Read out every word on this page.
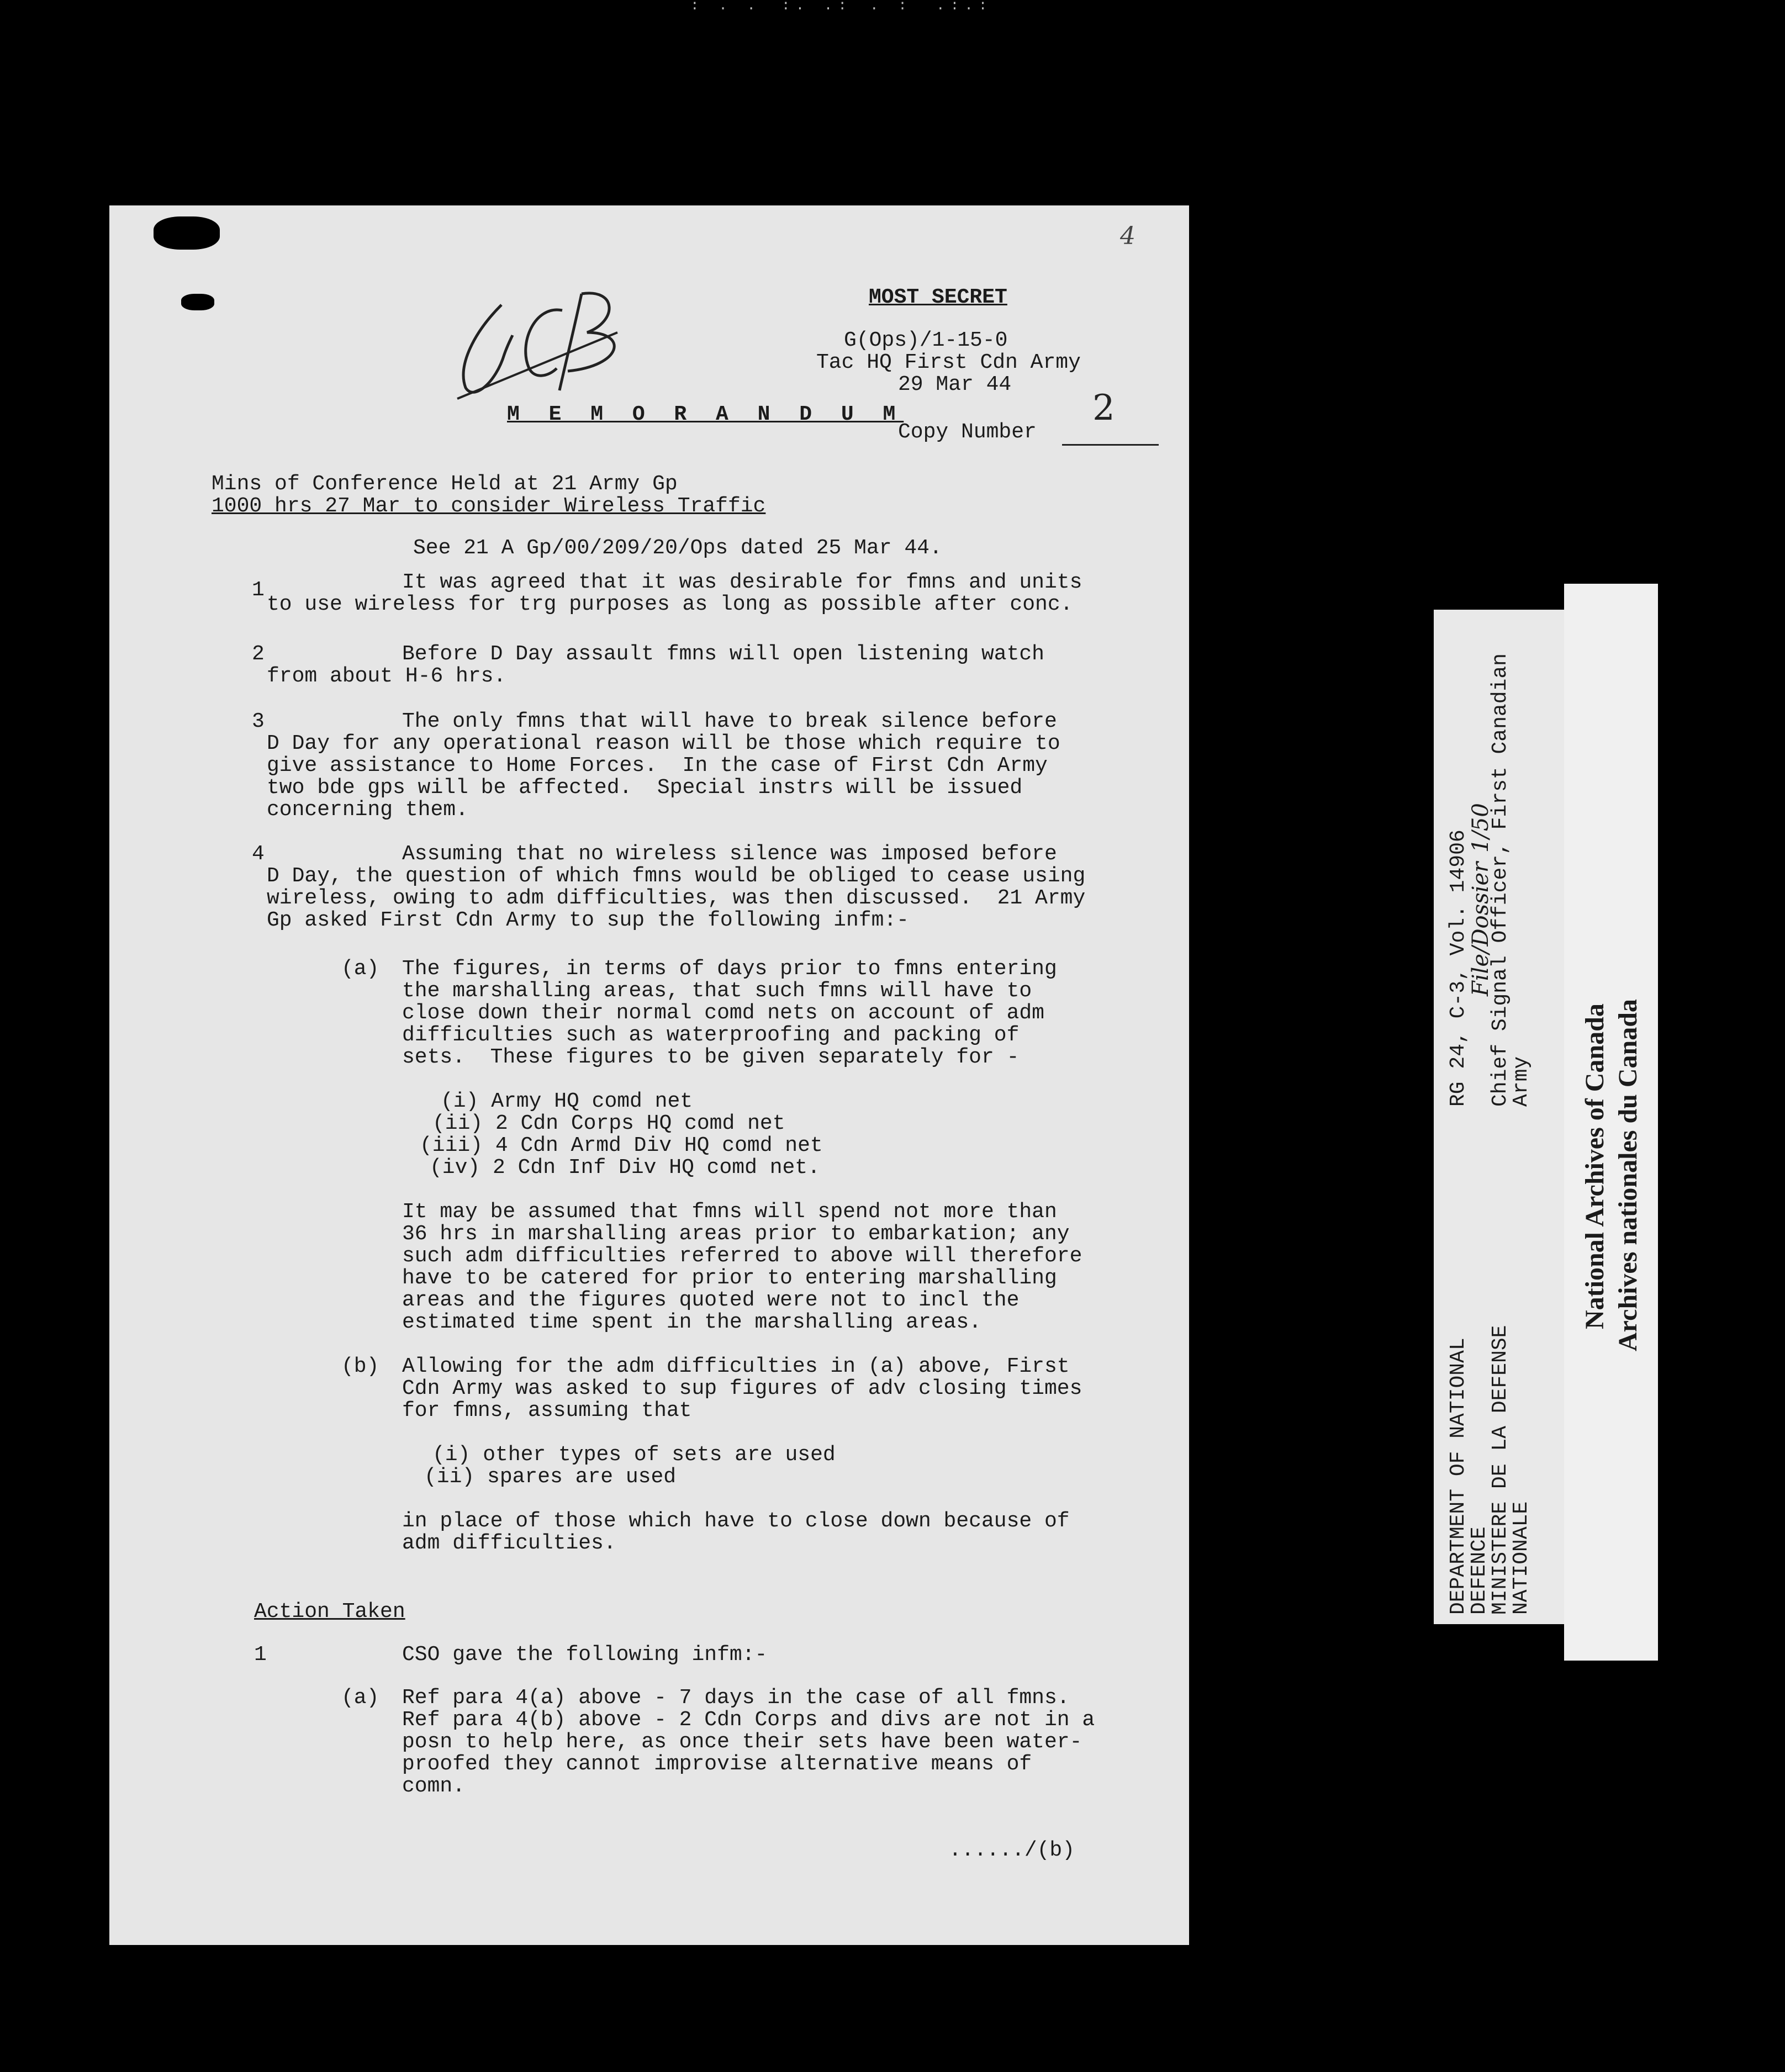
: . . :. .: . : .:.:
4
MOST SECRET
G(Ops)/1-15-0
Tac HQ First Cdn Army
29 Mar 44
Copy Number
2
M E M O R A N D U M
Mins of Conference Held at 21 Army Gp
1000 hrs 27 Mar to consider Wireless Traffic
See 21 A Gp/00/209/20/Ops dated 25 Mar 44.
1	It was agreed that it was desirable for fmns and units
to use wireless for trg purposes as long as possible after conc.
2	Before D Day assault fmns will open listening watch
from about H-6 hrs.
3	The only fmns that will have to break silence before
D Day for any operational reason will be those which require to
give assistance to Home Forces.  In the case of First Cdn Army
two bde gps will be affected.  Special instrs will be issued
concerning them.
4	Assuming that no wireless silence was imposed before
D Day, the question of which fmns would be obliged to cease using
wireless, owing to adm difficulties, was then discussed.  21 Army
Gp asked First Cdn Army to sup the following infm:-
(a) The figures, in terms of days prior to fmns entering
the marshalling areas, that such fmns will have to
close down their normal comd nets on account of adm
difficulties such as waterproofing and packing of
sets.  These figures to be given separately for -
(i) Army HQ comd net
(ii) 2 Cdn Corps HQ comd net
(iii) 4 Cdn Armd Div HQ comd net
(iv) 2 Cdn Inf Div HQ comd net.
It may be assumed that fmns will spend not more than
36 hrs in marshalling areas prior to embarkation; any
such adm difficulties referred to above will therefore
have to be catered for prior to entering marshalling
areas and the figures quoted were not to incl the
estimated time spent in the marshalling areas.
(b) Allowing for the adm difficulties in (a) above, First
Cdn Army was asked to sup figures of adv closing times
for fmns, assuming that
(i) other types of sets are used
(ii) spares are used
in place of those which have to close down because of
adm difficulties.
Action Taken
1	CSO gave the following infm:-
(a) Ref para 4(a) above - 7 days in the case of all fmns.
Ref para 4(b) above - 2 Cdn Corps and divs are not in a
posn to help here, as once their sets have been water-
proofed they cannot improvise alternative means of
comn.
....../(b)
DEPARTMENT OF NATIONAL
DEFENCE
MINISTERE DE LA DEFENSE
NATIONALE
RG 24, C-3, Vol. 14906
File/Dossier
1/50
Chief Signal Officer, First Canadian
Army National Archives of Canada Archives nationales du Canada
